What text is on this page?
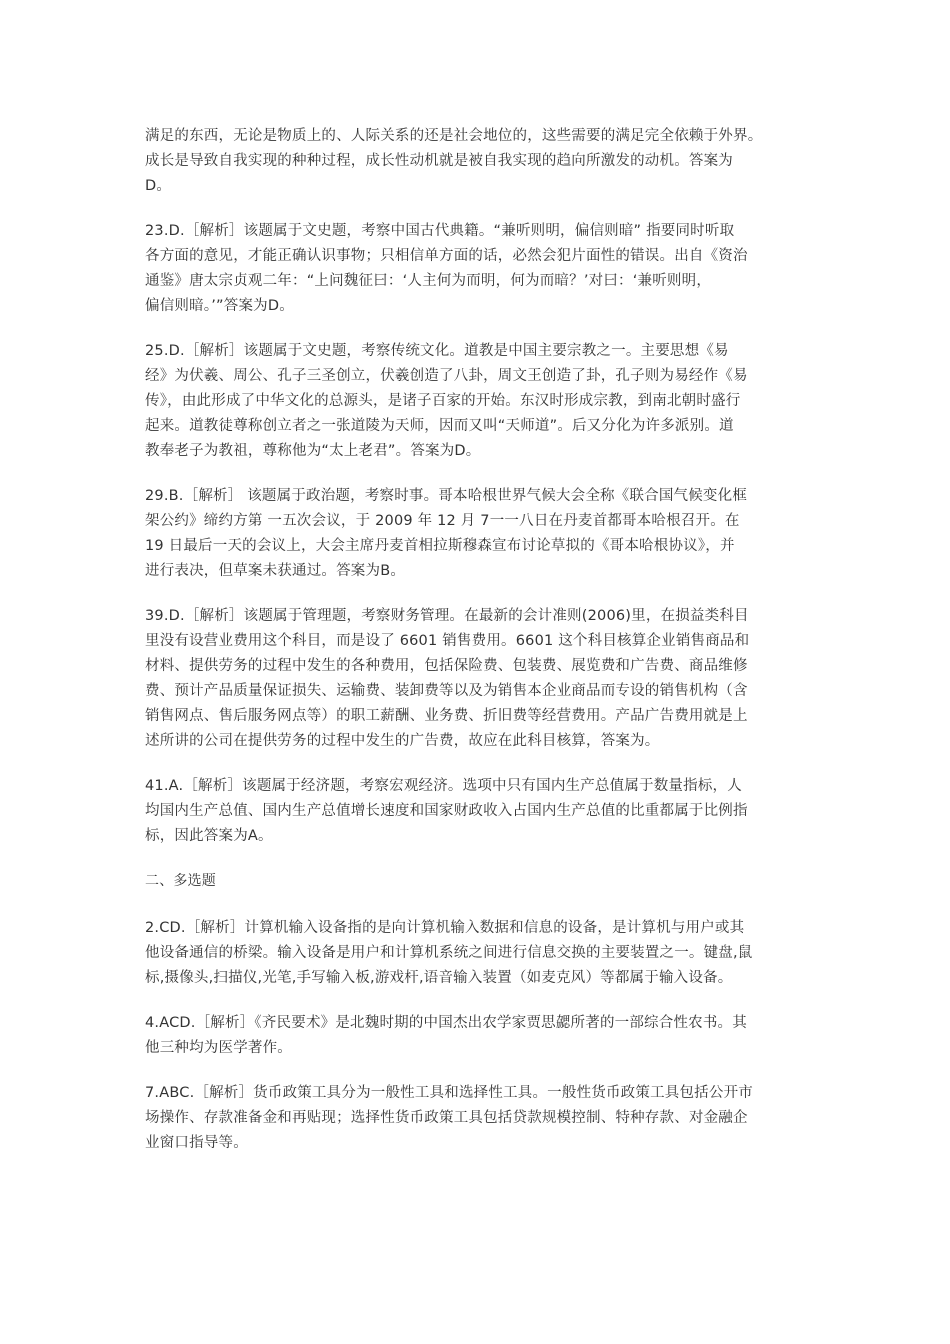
满足的东西，无论是物质上的、人际关系的还是社会地位的，这些需要的满足完全依赖于外界。
成长是导致自我实现的种种过程，成长性动机就是被自我实现的趋向所激发的动机。答案为
D。

23.D.［解析］该题属于文史题，考察中国古代典籍。“兼听则明，偏信则暗” 指要同时听取
各方面的意见，才能正确认识事物；只相信单方面的话，必然会犯片面性的错误。出自《资治
通鉴》唐太宗贞观二年：“上问魏征曰：‘人主何为而明，何为而暗？’对曰：‘兼听则明，
偏信则暗。’”答案为D。

25.D.［解析］该题属于文史题，考察传统文化。道教是中国主要宗教之一。主要思想《易
经》为伏羲、周公、孔子三圣创立，伏羲创造了八卦，周文王创造了卦，孔子则为易经作《易
传》，由此形成了中华文化的总源头，是诸子百家的开始。东汉时形成宗教，到南北朝时盛行
起来。道教徒尊称创立者之一张道陵为天师，因而又叫“天师道”。后又分化为许多派别。道
教奉老子为教祖，尊称他为“太上老君”。答案为D。

29.B.［解析］ 该题属于政治题，考察时事。哥本哈根世界气候大会全称《联合国气候变化框
架公约》缔约方第 一五次会议，于 2009 年 12 月 7一一八日在丹麦首都哥本哈根召开。在
19 日最后一天的会议上，大会主席丹麦首相拉斯穆森宣布讨论草拟的《哥本哈根协议》，并
进行表决，但草案未获通过。答案为B。

39.D.［解析］该题属于管理题，考察财务管理。在最新的会计准则(2006)里，在损益类科目
里没有设营业费用这个科目，而是设了 6601 销售费用。6601 这个科目核算企业销售商品和
材料、提供劳务的过程中发生的各种费用，包括保险费、包装费、展览费和广告费、商品维修
费、预计产品质量保证损失、运输费、装卸费等以及为销售本企业商品而专设的销售机构（含
销售网点、售后服务网点等）的职工薪酬、业务费、折旧费等经营费用。产品广告费用就是上
述所讲的公司在提供劳务的过程中发生的广告费，故应在此科目核算，答案为。

41.A.［解析］该题属于经济题，考察宏观经济。选项中只有国内生产总值属于数量指标，人
均国内生产总值、国内生产总值增长速度和国家财政收入占国内生产总值的比重都属于比例指
标，因此答案为A。

二、多选题

2.CD.［解析］计算机输入设备指的是向计算机输入数据和信息的设备，是计算机与用户或其
他设备通信的桥梁。输入设备是用户和计算机系统之间进行信息交换的主要装置之一。键盘,鼠
标,摄像头,扫描仪,光笔,手写输入板,游戏杆,语音输入装置（如麦克风）等都属于输入设备。

4.ACD.［解析］《齐民要术》是北魏时期的中国杰出农学家贾思勰所著的一部综合性农书。其
他三种均为医学著作。

7.ABC.［解析］货币政策工具分为一般性工具和选择性工具。一般性货币政策工具包括公开市
场操作、存款准备金和再贴现；选择性货币政策工具包括贷款规模控制、特种存款、对金融企
业窗口指导等。
